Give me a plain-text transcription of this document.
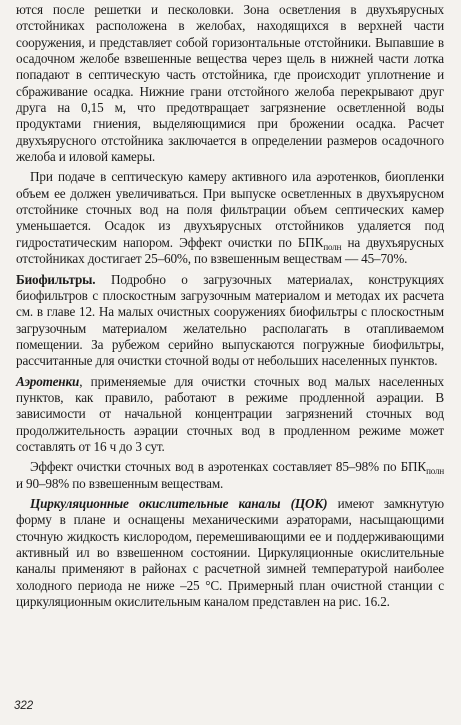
ются после решетки и песколовки. Зона осветления в двухъярусных отстойниках расположена в желобах, находящихся в верхней части сооружения, и представляет собой горизонтальные отстойники. Выпавшие в осадочном желобе взвешенные вещества через щель в нижней части лотка попадают в септическую часть отстойника, где происходит уплотнение и сбраживание осадка. Нижние грани отстойного желоба перекрывают друг друга на 0,15 м, что предотвращает загрязнение осветленной воды продуктами гниения, выделяющимися при брожении осадка. Расчет двухъярусного отстойника заключается в определении размеров осадочного желоба и иловой камеры.

При подаче в септическую камеру активного ила аэротенков, биопленки объем ее должен увеличиваться. При выпуске осветленных в двухъярусном отстойнике сточных вод на поля фильтрации объем септических камер уменьшается. Осадок из двухъярусных отстойников удаляется под гидростатическим напором. Эффект очистки по $БПК_{полн}$ на двухъярусных отстойниках достигает 25–60%, по взвешенным веществам — 45–70%.

Биофильтры. Подробно о загрузочных материалах, конструкциях биофильтров с плоскостным загрузочным материалом и методах их расчета см. в главе 12. На малых очистных сооружениях биофильтры с плоскостным загрузочным материалом желательно располагать в отапливаемом помещении. За рубежом серийно выпускаются погружные биофильтры, рассчитанные для очистки сточной воды от небольших населенных пунктов.

Аэротенки, применяемые для очистки сточных вод малых населенных пунктов, как правило, работают в режиме продленной аэрации. В зависимости от начальной концентрации загрязнений сточных вод продолжительность аэрации сточных вод в продленном режиме может составлять от 16 ч до 3 сут.

Эффект очистки сточных вод в аэротенках составляет 85–98% по $БПК_{полн}$ и 90–98% по взвешенным веществам.

Циркуляционные окислительные каналы (ЦОК) имеют замкнутую форму в плане и оснащены механическими аэраторами, насыщающими сточную жидкость кислородом, перемешивающими ее и поддерживающими активный ил во взвешенном состоянии. Циркуляционные окислительные каналы применяют в районах с расчетной зимней температурой наиболее холодного периода не ниже –25 °С. Примерный план очистной станции с циркуляционным окислительным каналом представлен на рис. 16.2.

322
